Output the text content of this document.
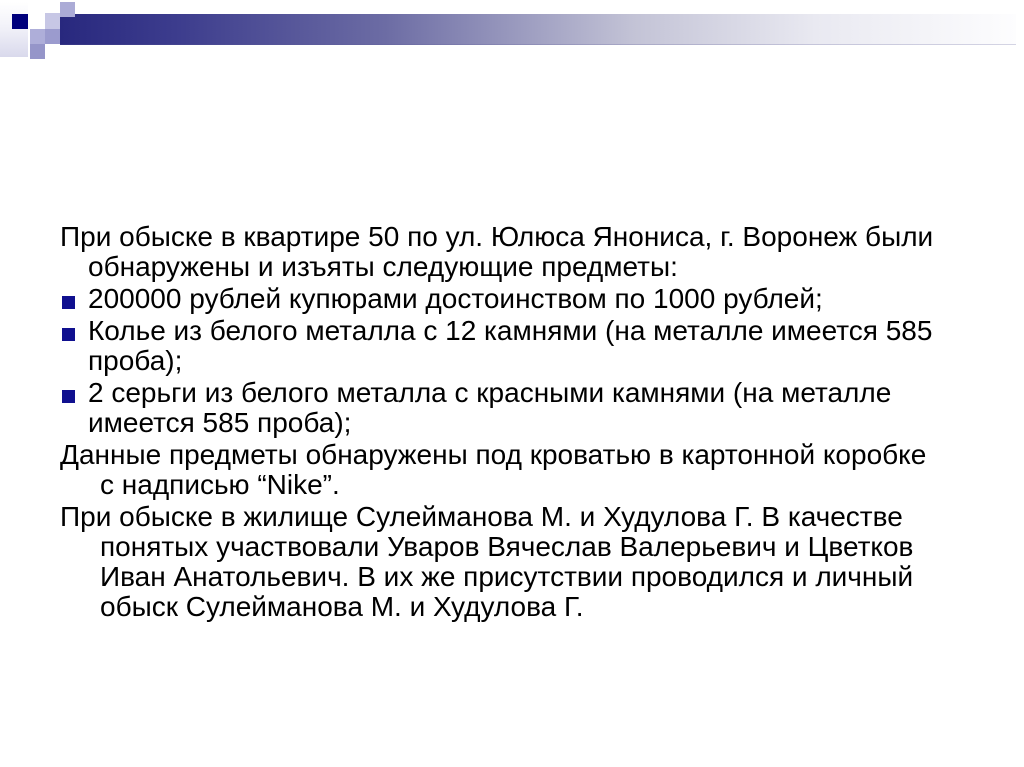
При обыске в квартире 50 по ул. Юлюса Янониса, г. Воронеж были
обнаружены и изъяты следующие предметы:
200000 рублей купюрами достоинством по 1000 рублей;
Колье из белого металла с 12 камнями (на металле имеется 585
проба);
2 серьги из белого металла с красными камнями (на металле
имеется 585 проба);
Данные предметы обнаружены под кроватью в картонной коробке
с надписью “Nike”.
При обыске в жилище Сулейманова М. и Худулова Г. В качестве
понятых участвовали Уваров Вячеслав Валерьевич и Цветков
Иван Анатольевич. В их же присутствии проводился и личный
обыск Сулейманова М. и Худулова Г.
